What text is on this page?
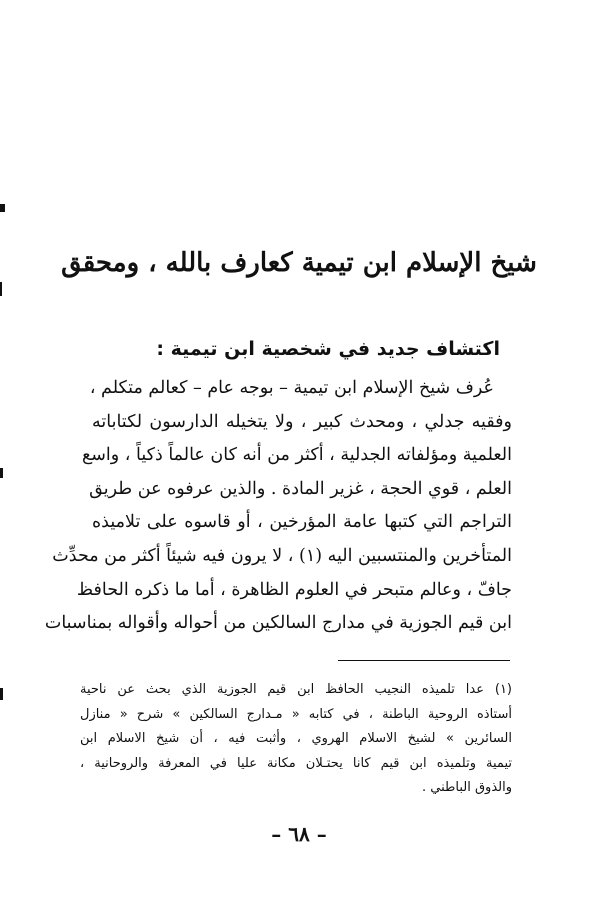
شيخ الإسلام ابن تيمية كعارف بالله ، ومحقق
اكتشاف جديد في شخصية ابن تيمية :
عُرف شيخ الإسلام ابن تيمية – بوجه عام – كعالم متكلم ،
وفقيه جدلي ، ومحدث كبير ، ولا يتخيله الدارسون لكتاباته
العلمية ومؤلفاته الجدلية ، أكثر من أنه كان عالماً ذكياً ، واسع
العلم ، قوي الحجة ، غزير المادة . والذين عرفوه عن طريق
التراجم التي كتبها عامة المؤرخين ، أو قاسوه على تلاميذه
المتأخرين والمنتسبين اليه (١) ، لا يرون فيه شيئاً أكثر من محدِّث
جافّ ، وعالم متبحر في العلوم الظاهرة ، أما ما ذكره الحافظ
ابن قيم الجوزية في مدارج السالكين من أحواله وأقواله بمناسبات
(١) عدا تلميذه النجيب الحافظ ابن قيم الجوزية الذي بحث عن ناحية
أستاذه الروحية الباطنة ، في كتابه « مـدارج السالكين » شرح « منازل
السائرين » لشيخ الاسلام الهروي ، وأثبت فيه ، أن شيخ الاسلام ابن
تيمية وتلميذه ابن قيم كانا يحتـلان مكانة عليا في المعرفة والروحانية ،
والذوق الباطني .
– ٦٨ –
